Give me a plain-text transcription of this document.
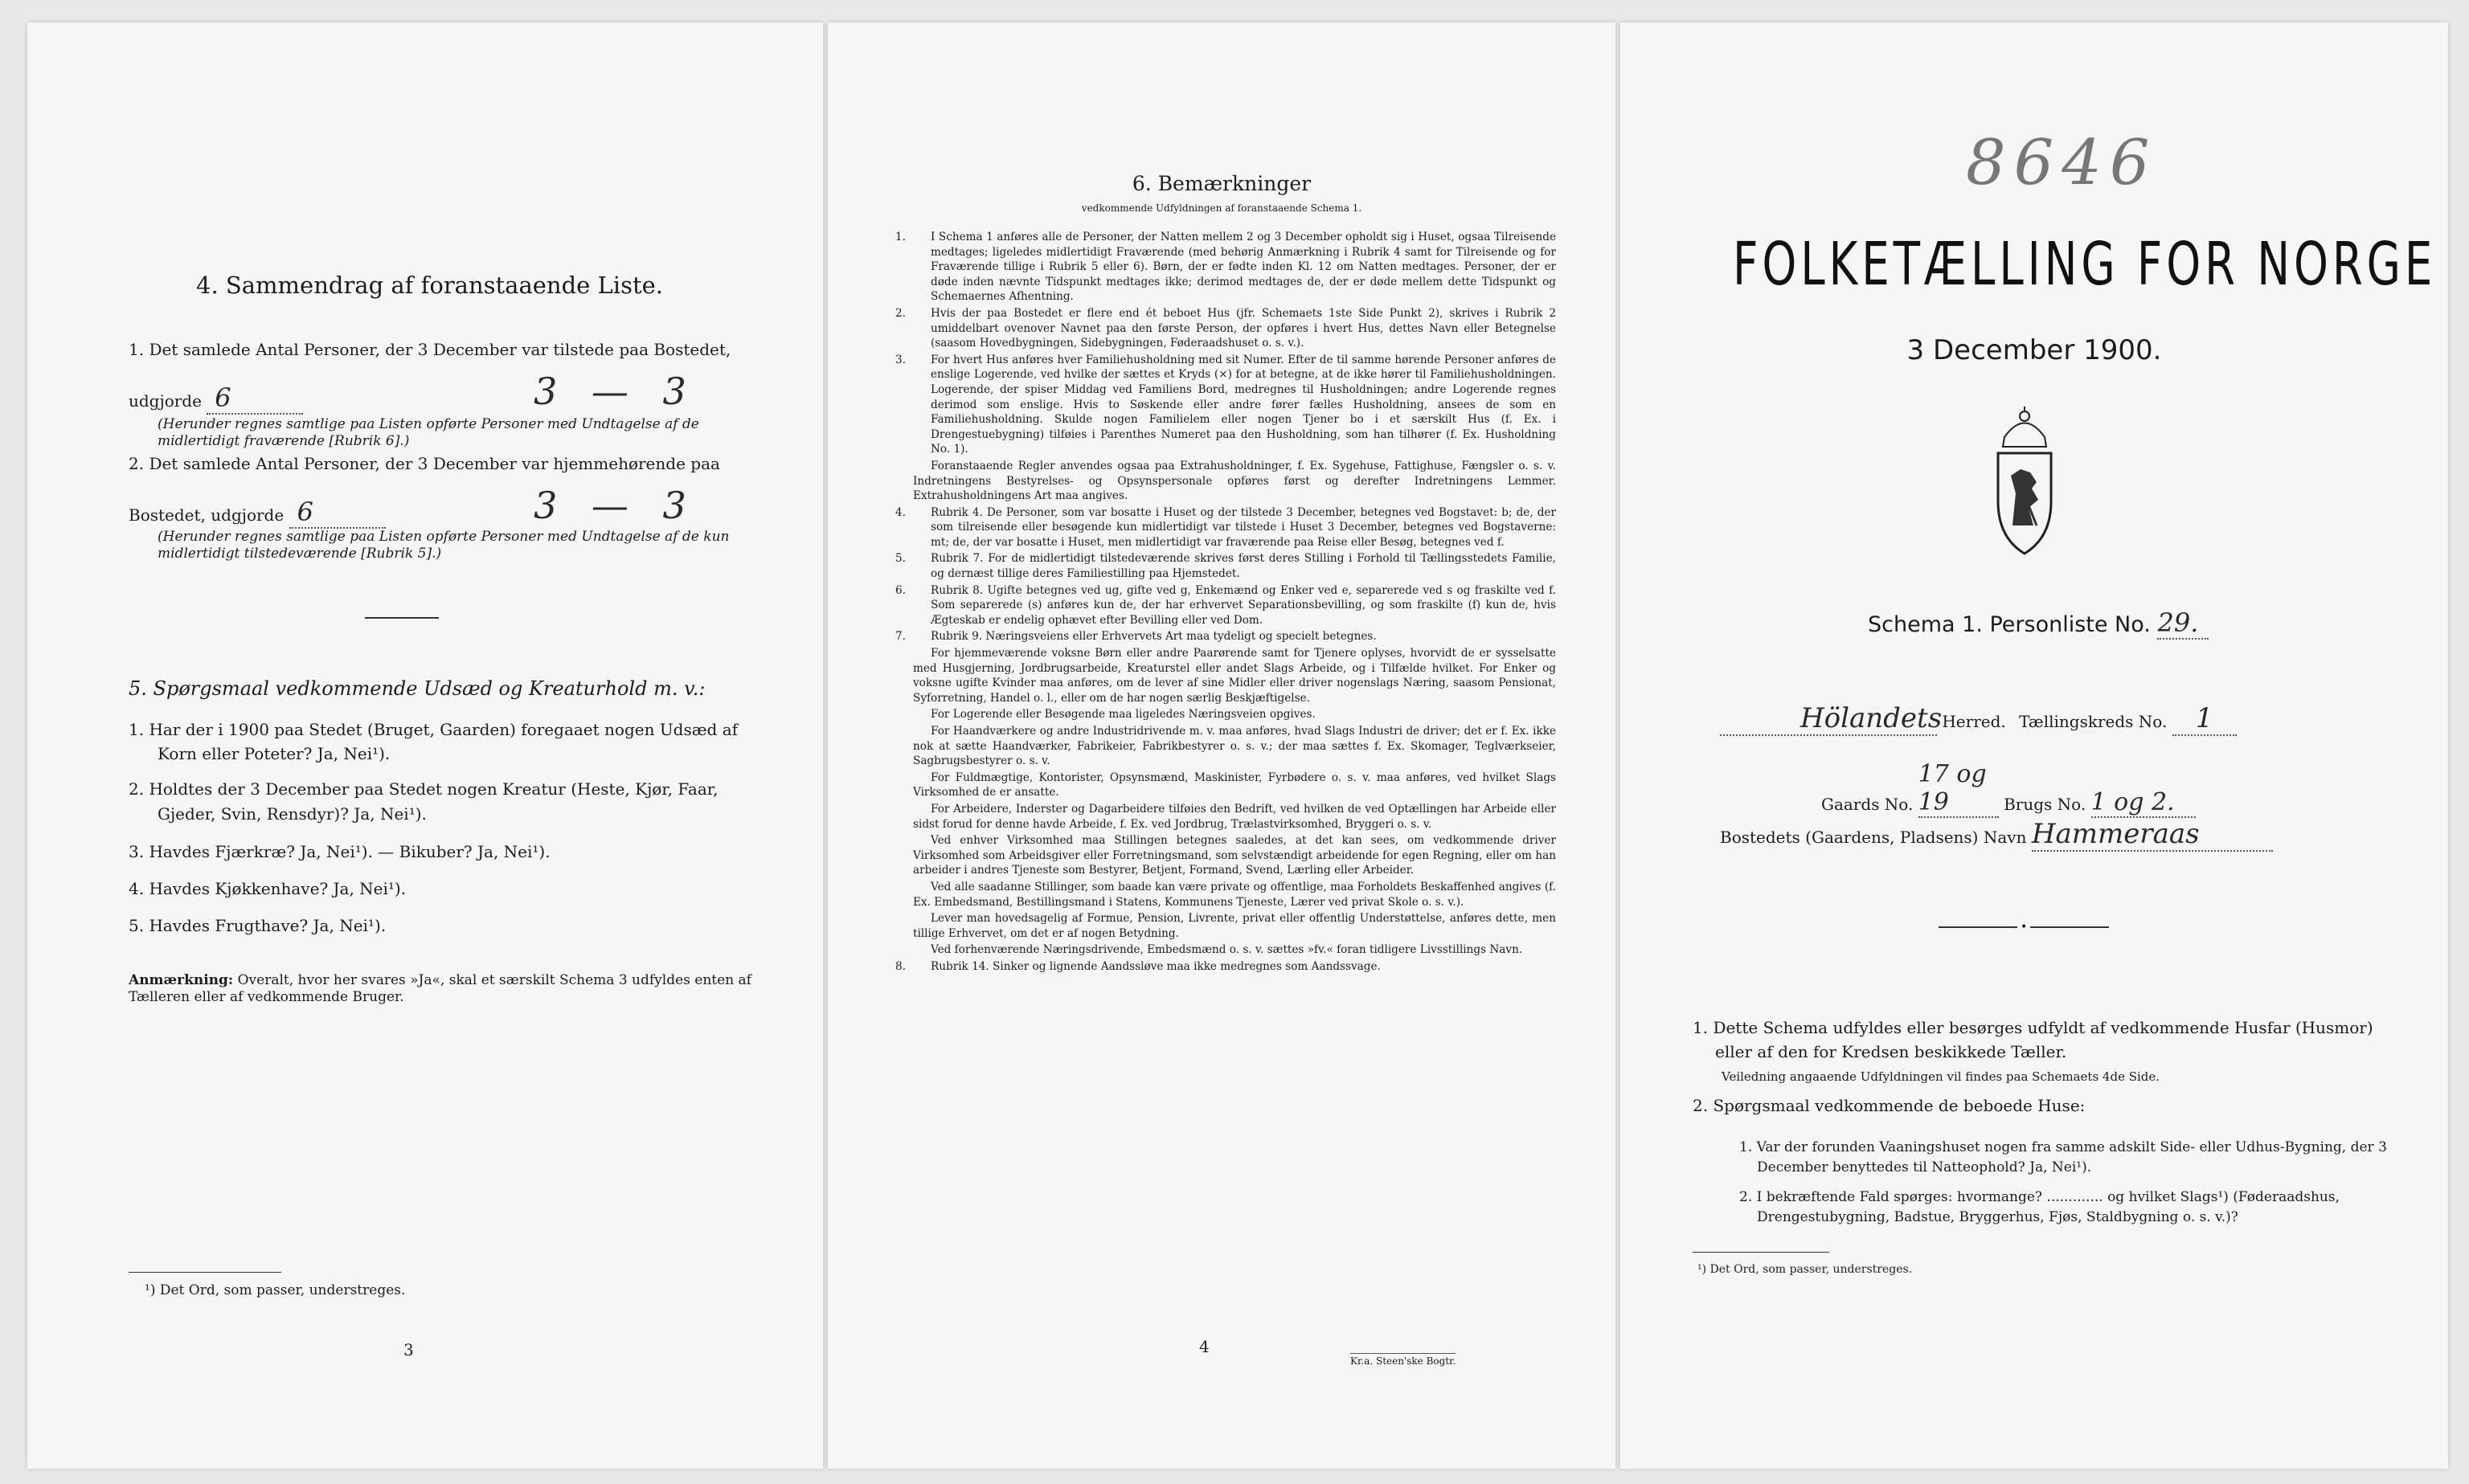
4. Sammendrag af foranstaaende Liste.
1. Det samlede Antal Personer, der 3 December var tilstede paa Bostedet,
udgjorde 6	3 — 3
(Herunder regnes samtlige paa Listen opførte Personer med Undtagelse af de midlertidigt fraværende [Rubrik 6].)
2. Det samlede Antal Personer, der 3 December var hjemmehørende paa
Bostedet, udgjorde 6	3 — 3
(Herunder regnes samtlige paa Listen opførte Personer med Undtagelse af de kun midlertidigt tilstedeværende [Rubrik 5].)
5. Spørgsmaal vedkommende Udsæd og Kreaturhold m. v.:
1. Har der i 1900 paa Stedet (Bruget, Gaarden) foregaaet nogen Udsæd af
Korn eller Poteter? Ja, Nei¹).
2. Holdtes der 3 December paa Stedet nogen Kreatur (Heste, Kjør, Faar,
Gjeder, Svin, Rensdyr)? Ja, Nei¹).
3. Havdes Fjærkræ? Ja, Nei¹). — Bikuber? Ja, Nei¹).
4. Havdes Kjøkkenhave? Ja, Nei¹).
5. Havdes Frugthave? Ja, Nei¹).
Anmærkning: Overalt, hvor her svares »Ja«, skal et særskilt Schema 3 udfyldes enten af Tælleren eller af vedkommende Bruger.
¹) Det Ord, som passer, understreges.
3
6. Bemærkninger
vedkommende Udfyldningen af foranstaaende Schema 1.

1. I Schema 1 anføres alle de Personer, der Natten mellem 2 og 3 December opholdt sig i Huset, ogsaa Tilreisende medtages; ligeledes midlertidigt Fraværende (med behørig Anmærkning i Rubrik 4 samt for Tilreisende og for Fraværende tillige i Rubrik 5 eller 6). Børn, der er fødte inden Kl. 12 om Natten medtages. Personer, der er døde inden nævnte Tidspunkt medtages ikke; derimod medtages de, der er døde mellem dette Tidspunkt og Schemaernes Afhentning.

2. Hvis der paa Bostedet er flere end ét beboet Hus (jfr. Schemaets 1ste Side Punkt 2), skrives i Rubrik 2 umiddelbart ovenover Navnet paa den første Person, der opføres i hvert Hus, dettes Navn eller Betegnelse (saasom Hovedbygningen, Sidebygningen, Føderaadshuset o. s. v.).

3. For hvert Hus anføres hver Familiehusholdning med sit Numer. Efter de til samme hørende Personer anføres de enslige Logerende, ved hvilke der sættes et Kryds (×) for at betegne, at de ikke hører til Familiehusholdningen. Logerende, der spiser Middag ved Familiens Bord, medregnes til Husholdningen; andre Logerende regnes derimod som enslige. Hvis to Søskende eller andre fører fælles Husholdning, ansees de som en Familiehusholdning. Skulde nogen Familielem eller nogen Tjener bo i et særskilt Hus (f. Ex. i Drengestuebygning) tilføies i Parenthes Numeret paa den Husholdning, som han tilhører (f. Ex. Husholdning No. 1).

Foranstaaende Regler anvendes ogsaa paa Extrahusholdninger, f. Ex. Sygehuse, Fattighuse, Fængsler o. s. v. Indretningens Bestyrelses- og Opsynspersonale opføres først og derefter Indretningens Lemmer. Extrahusholdningens Art maa angives.

4. Rubrik 4. De Personer, som var bosatte i Huset og der tilstede 3 December, betegnes ved Bogstavet: b; de, der som tilreisende eller besøgende kun midlertidigt var tilstede i Huset 3 December, betegnes ved Bogstaverne: mt; de, der var bosatte i Huset, men midlertidigt var fraværende paa Reise eller Besøg, betegnes ved f.

5. Rubrik 7. For de midlertidigt tilstedeværende skrives først deres Stilling i Forhold til Tællingsstedets Familie, og dernæst tillige deres Familiestilling paa Hjemstedet.

6. Rubrik 8. Ugifte betegnes ved ug, gifte ved g, Enkemænd og Enker ved e, separerede ved s og fraskilte ved f. Som separerede (s) anføres kun de, der har erhvervet Separationsbevilling, og som fraskilte (f) kun de, hvis Ægteskab er endelig ophævet efter Bevilling eller ved Dom.

7. Rubrik 9. Næringsveiens eller Erhvervets Art maa tydeligt og specielt betegnes.

For hjemmeværende voksne Børn eller andre Paarørende samt for Tjenere oplyses, hvorvidt de er sysselsatte med Husgjerning, Jordbrugsarbeide, Kreaturstel eller andet Slags Arbeide, og i Tilfælde hvilket. For Enker og voksne ugifte Kvinder maa anføres, om de lever af sine Midler eller driver nogenslags Næring, saasom Pensionat, Syforretning, Handel o. l., eller om de har nogen særlig Beskjæftigelse.

For Logerende eller Besøgende maa ligeledes Næringsveien opgives.

For Haandværkere og andre Industridrivende m. v. maa anføres, hvad Slags Industri de driver; det er f. Ex. ikke nok at sætte Haandværker, Fabrikeier, Fabrikbestyrer o. s. v.; der maa sættes f. Ex. Skomager, Teglværkseier, Sagbrugsbestyrer o. s. v.

For Fuldmægtige, Kontorister, Opsynsmænd, Maskinister, Fyrbødere o. s. v. maa anføres, ved hvilket Slags Virksomhed de er ansatte.

For Arbeidere, Inderster og Dagarbeidere tilføies den Bedrift, ved hvilken de ved Optællingen har Arbeide eller sidst forud for denne havde Arbeide, f. Ex. ved Jordbrug, Trælastvirksomhed, Bryggeri o. s. v.

Ved enhver Virksomhed maa Stillingen betegnes saaledes, at det kan sees, om vedkommende driver Virksomhed som Arbeidsgiver eller Forretningsmand, som selvstændigt arbeidende for egen Regning, eller om han arbeider i andres Tjeneste som Bestyrer, Betjent, Formand, Svend, Lærling eller Arbeider.

Ved alle saadanne Stillinger, som baade kan være private og offentlige, maa Forholdets Beskaffenhed angives (f. Ex. Embedsmand, Bestillingsmand i Statens, Kommunens Tjeneste, Lærer ved privat Skole o. s. v.).

Lever man hovedsagelig af Formue, Pension, Livrente, privat eller offentlig Understøttelse, anføres dette, men tillige Erhvervet, om det er af nogen Betydning.

Ved forhenværende Næringsdrivende, Embedsmænd o. s. v. sættes »fv.« foran tidligere Livsstillings Navn.

8. Rubrik 14. Sinker og lignende Aandssløve maa ikke medregnes som Aandssvage.

4
Kr.a. Steen'ske Bogtr.
8646
FOLKETÆLLING FOR NORGE
3 December 1900.
Schema 1. Personliste No. 29.
Hölandets Herred. Tællingskreds No. 1
Gaards No. 17 og 19	Brugs No. 1 og 2.
Bostedets (Gaardens, Pladsens) Navn Hammeraas
•
1. Dette Schema udfyldes eller besørges udfyldt af vedkommende Husfar (Husmor) eller af den for Kredsen beskikkede Tæller.
Veiledning angaaende Udfyldningen vil findes paa Schemaets 4de Side.
2. Spørgsmaal vedkommende de beboede Huse:
1. Var der forunden Vaaningshuset nogen fra samme adskilt Side- eller Udhus-Bygning, der 3 December benyttedes til Natteophold? Ja, Nei¹).
2. I bekræftende Fald spørges: hvormange? ............. og hvilket Slags¹) (Føderaadshus, Drengestubygning, Badstue, Bryggerhus, Fjøs, Staldbygning o. s. v.)?
¹) Det Ord, som passer, understreges.
